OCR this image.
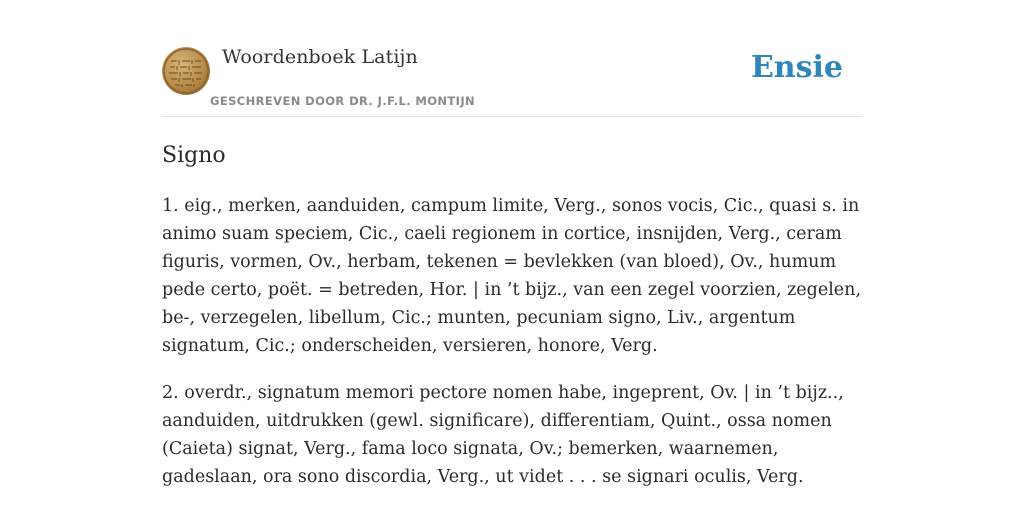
Woordenboek Latijn
GESCHREVEN DOOR DR. J.F.L. MONTIJN
Ensie
Signo

1. eig., merken, aanduiden, campum limite, Verg., sonos vocis, Cic., quasi s. in animo suam speciem, Cic., caeli regionem in cortice, insnijden, Verg., ceram figuris, vormen, Ov., herbam, tekenen = bevlekken (van bloed), Ov., humum pede certo, poët. = betreden, Hor. | in ’t bijz., van een zegel voorzien, zegelen, be-, verzegelen, libellum, Cic.; munten, pecuniam signo, Liv., argentum signatum, Cic.; onderscheiden, versieren, honore, Verg.

2. overdr., signatum memori pectore nomen habe, ingeprent, Ov. | in ’t bijz.., aanduiden, uitdrukken (gewl. significare), differentiam, Quint., ossa nomen (Caieta) signat, Verg., fama loco signata, Ov.; bemerken, waarnemen, gadeslaan, ora sono discordia, Verg., ut videt . . . se signari oculis, Verg.
